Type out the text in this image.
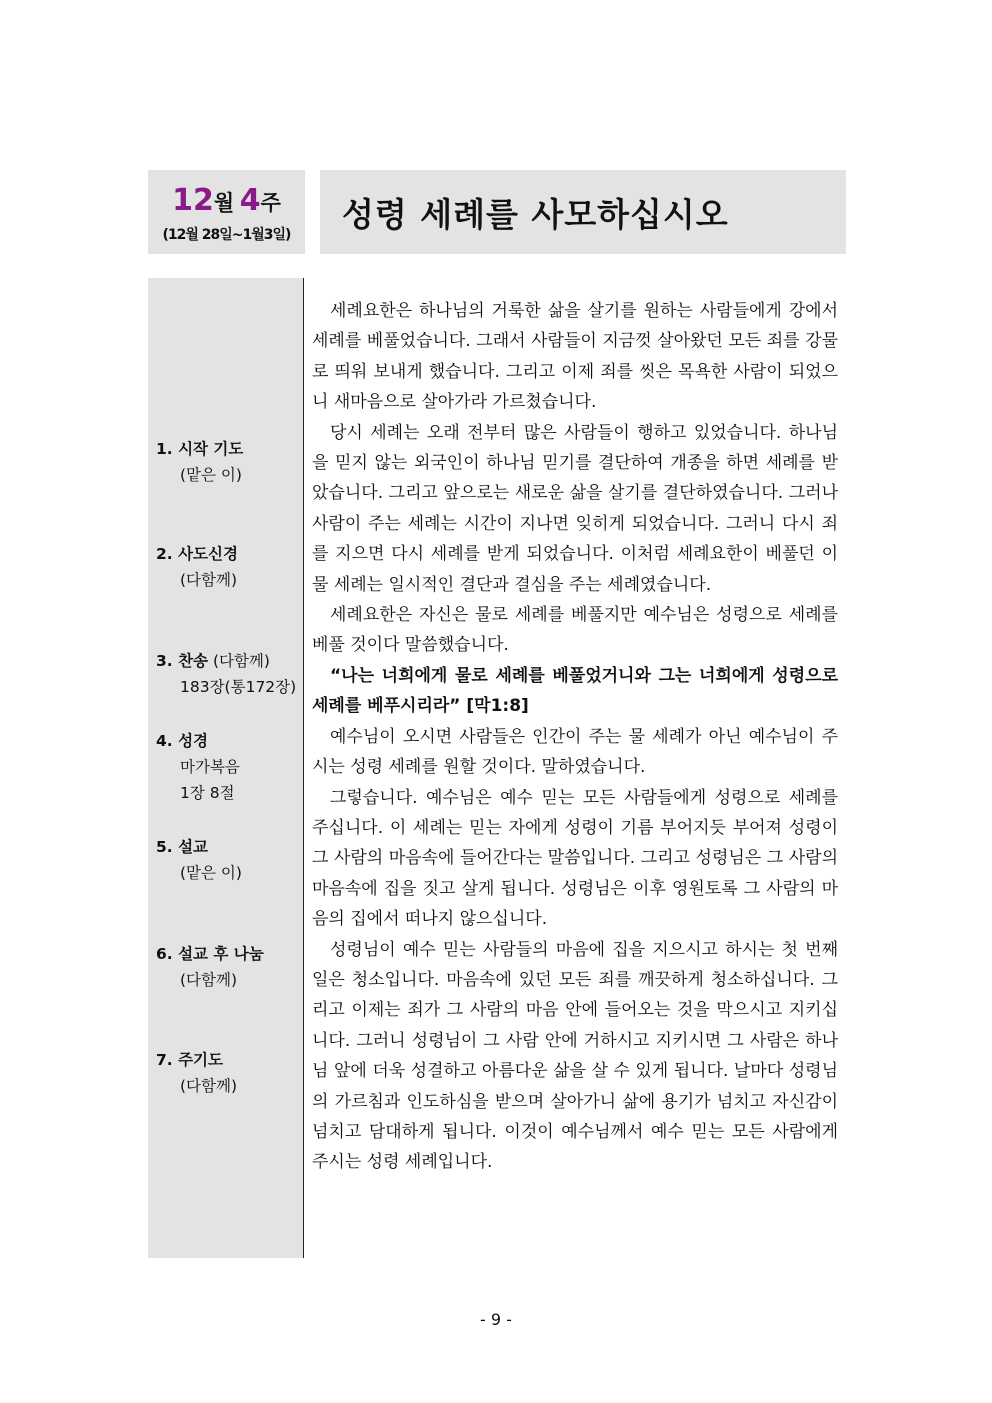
12월 4주
(12월 28일~1월3일)
성령 세례를 사모하십시오
1. 시작 기도
(맡은 이)
2. 사도신경
(다함께)
3. 찬송 (다함께)
183장(통172장)
4. 성경
마가복음
1장 8절
5. 설교
(맡은 이)
6. 설교 후 나눔
(다함께)
7. 주기도
(다함께)

세례요한은 하나님의 거룩한 삶을 살기를 원하는 사람들에게 강에서 세례를 베풀었습니다. 그래서 사람들이 지금껏 살아왔던 모든 죄를 강물로 띄워 보내게 했습니다. 그리고 이제 죄를 씻은 목욕한 사람이 되었으니 새마음으로 살아가라 가르쳤습니다.

당시 세례는 오래 전부터 많은 사람들이 행하고 있었습니다. 하나님을 믿지 않는 외국인이 하나님 믿기를 결단하여 개종을 하면 세례를 받았습니다. 그리고 앞으로는 새로운 삶을 살기를 결단하였습니다. 그러나 사람이 주는 세례는 시간이 지나면 잊히게 되었습니다. 그러니 다시 죄를 지으면 다시 세례를 받게 되었습니다. 이처럼 세례요한이 베풀던 이 물 세례는 일시적인 결단과 결심을 주는 세례였습니다.

세례요한은 자신은 물로 세례를 베풀지만 예수님은 성령으로 세례를 베풀 것이다 말씀했습니다.

“나는 너희에게 물로 세례를 베풀었거니와 그는 너희에게 성령으로 세례를 베푸시리라” [막1:8]

예수님이 오시면 사람들은 인간이 주는 물 세례가 아닌 예수님이 주시는 성령 세례를 원할 것이다. 말하였습니다.

그렇습니다. 예수님은 예수 믿는 모든 사람들에게 성령으로 세례를 주십니다. 이 세례는 믿는 자에게 성령이 기름 부어지듯 부어져 성령이 그 사람의 마음속에 들어간다는 말씀입니다. 그리고 성령님은 그 사람의 마음속에 집을 짓고 살게 됩니다. 성령님은 이후 영원토록 그 사람의 마음의 집에서 떠나지 않으십니다.

성령님이 예수 믿는 사람들의 마음에 집을 지으시고 하시는 첫 번째 일은 청소입니다. 마음속에 있던 모든 죄를 깨끗하게 청소하십니다. 그리고 이제는 죄가 그 사람의 마음 안에 들어오는 것을 막으시고 지키십니다. 그러니 성령님이 그 사람 안에 거하시고 지키시면 그 사람은 하나님 앞에 더욱 성결하고 아름다운 삶을 살 수 있게 됩니다. 날마다 성령님의 가르침과 인도하심을 받으며 살아가니 삶에 용기가 넘치고 자신감이 넘치고 담대하게 됩니다. 이것이 예수님께서 예수 믿는 모든 사람에게 주시는 성령 세례입니다.

- 9 -
